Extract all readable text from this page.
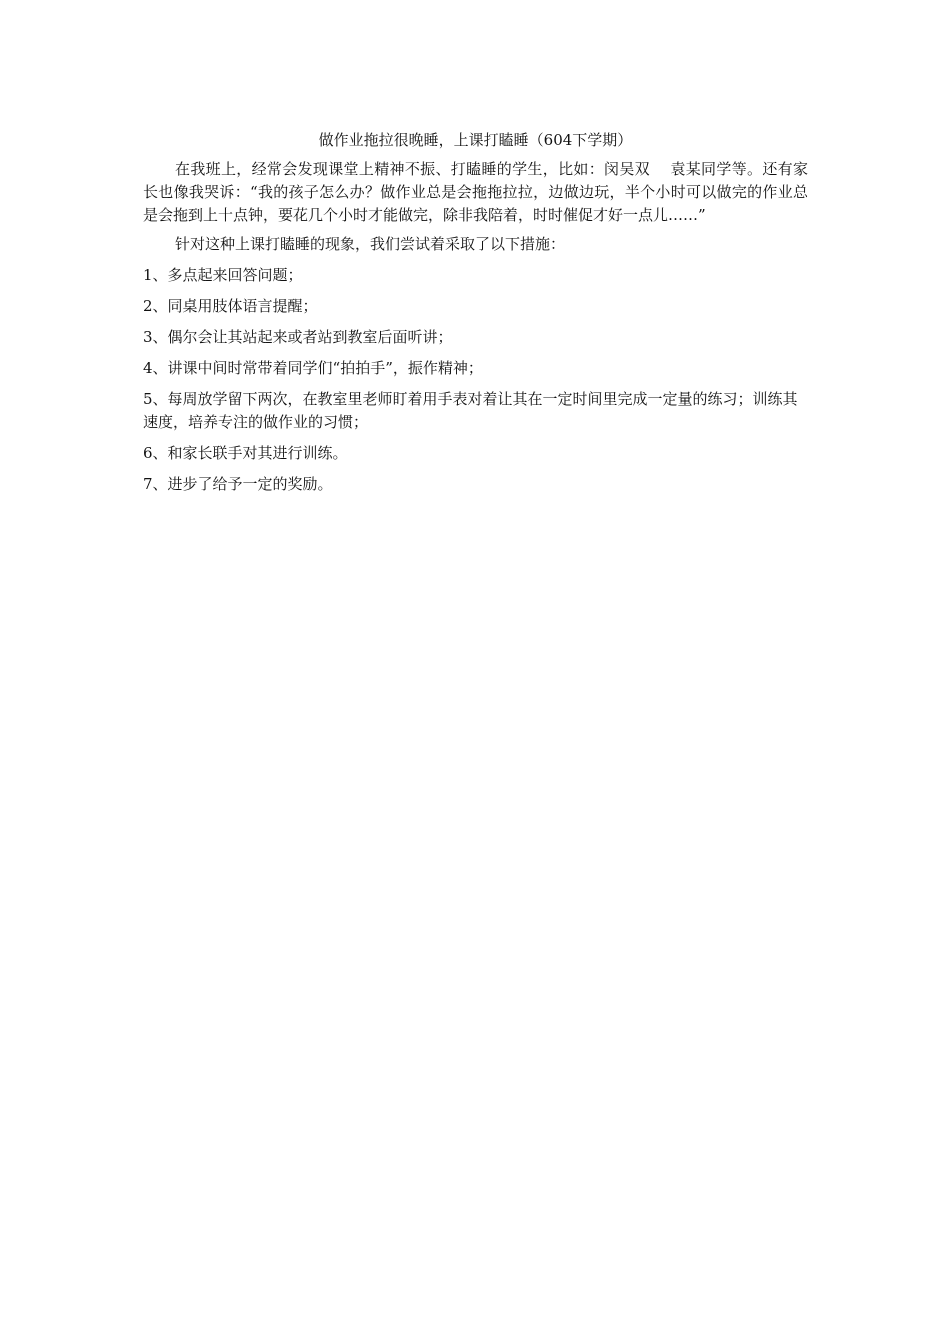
做作业拖拉很晚睡，上课打瞌睡（604下学期）

在我班上，经常会发现课堂上精神不振、打瞌睡的学生，比如：闵吴双　 袁某同学等。还有家长也像我哭诉：“我的孩子怎么办？做作业总是会拖拖拉拉，边做边玩，半个小时可以做完的作业总是会拖到上十点钟，要花几个小时才能做完，除非我陪着，时时催促才好一点儿……”

针对这种上课打瞌睡的现象，我们尝试着采取了以下措施：

1、多点起来回答问题；
2、同桌用肢体语言提醒；
3、偶尔会让其站起来或者站到教室后面听讲；
4、讲课中间时常带着同学们“拍拍手”，振作精神；
5、每周放学留下两次，在教室里老师盯着用手表对着让其在一定时间里完成一定量的练习；训练其速度，培养专注的做作业的习惯；
6、和家长联手对其进行训练。
7、进步了给予一定的奖励。
